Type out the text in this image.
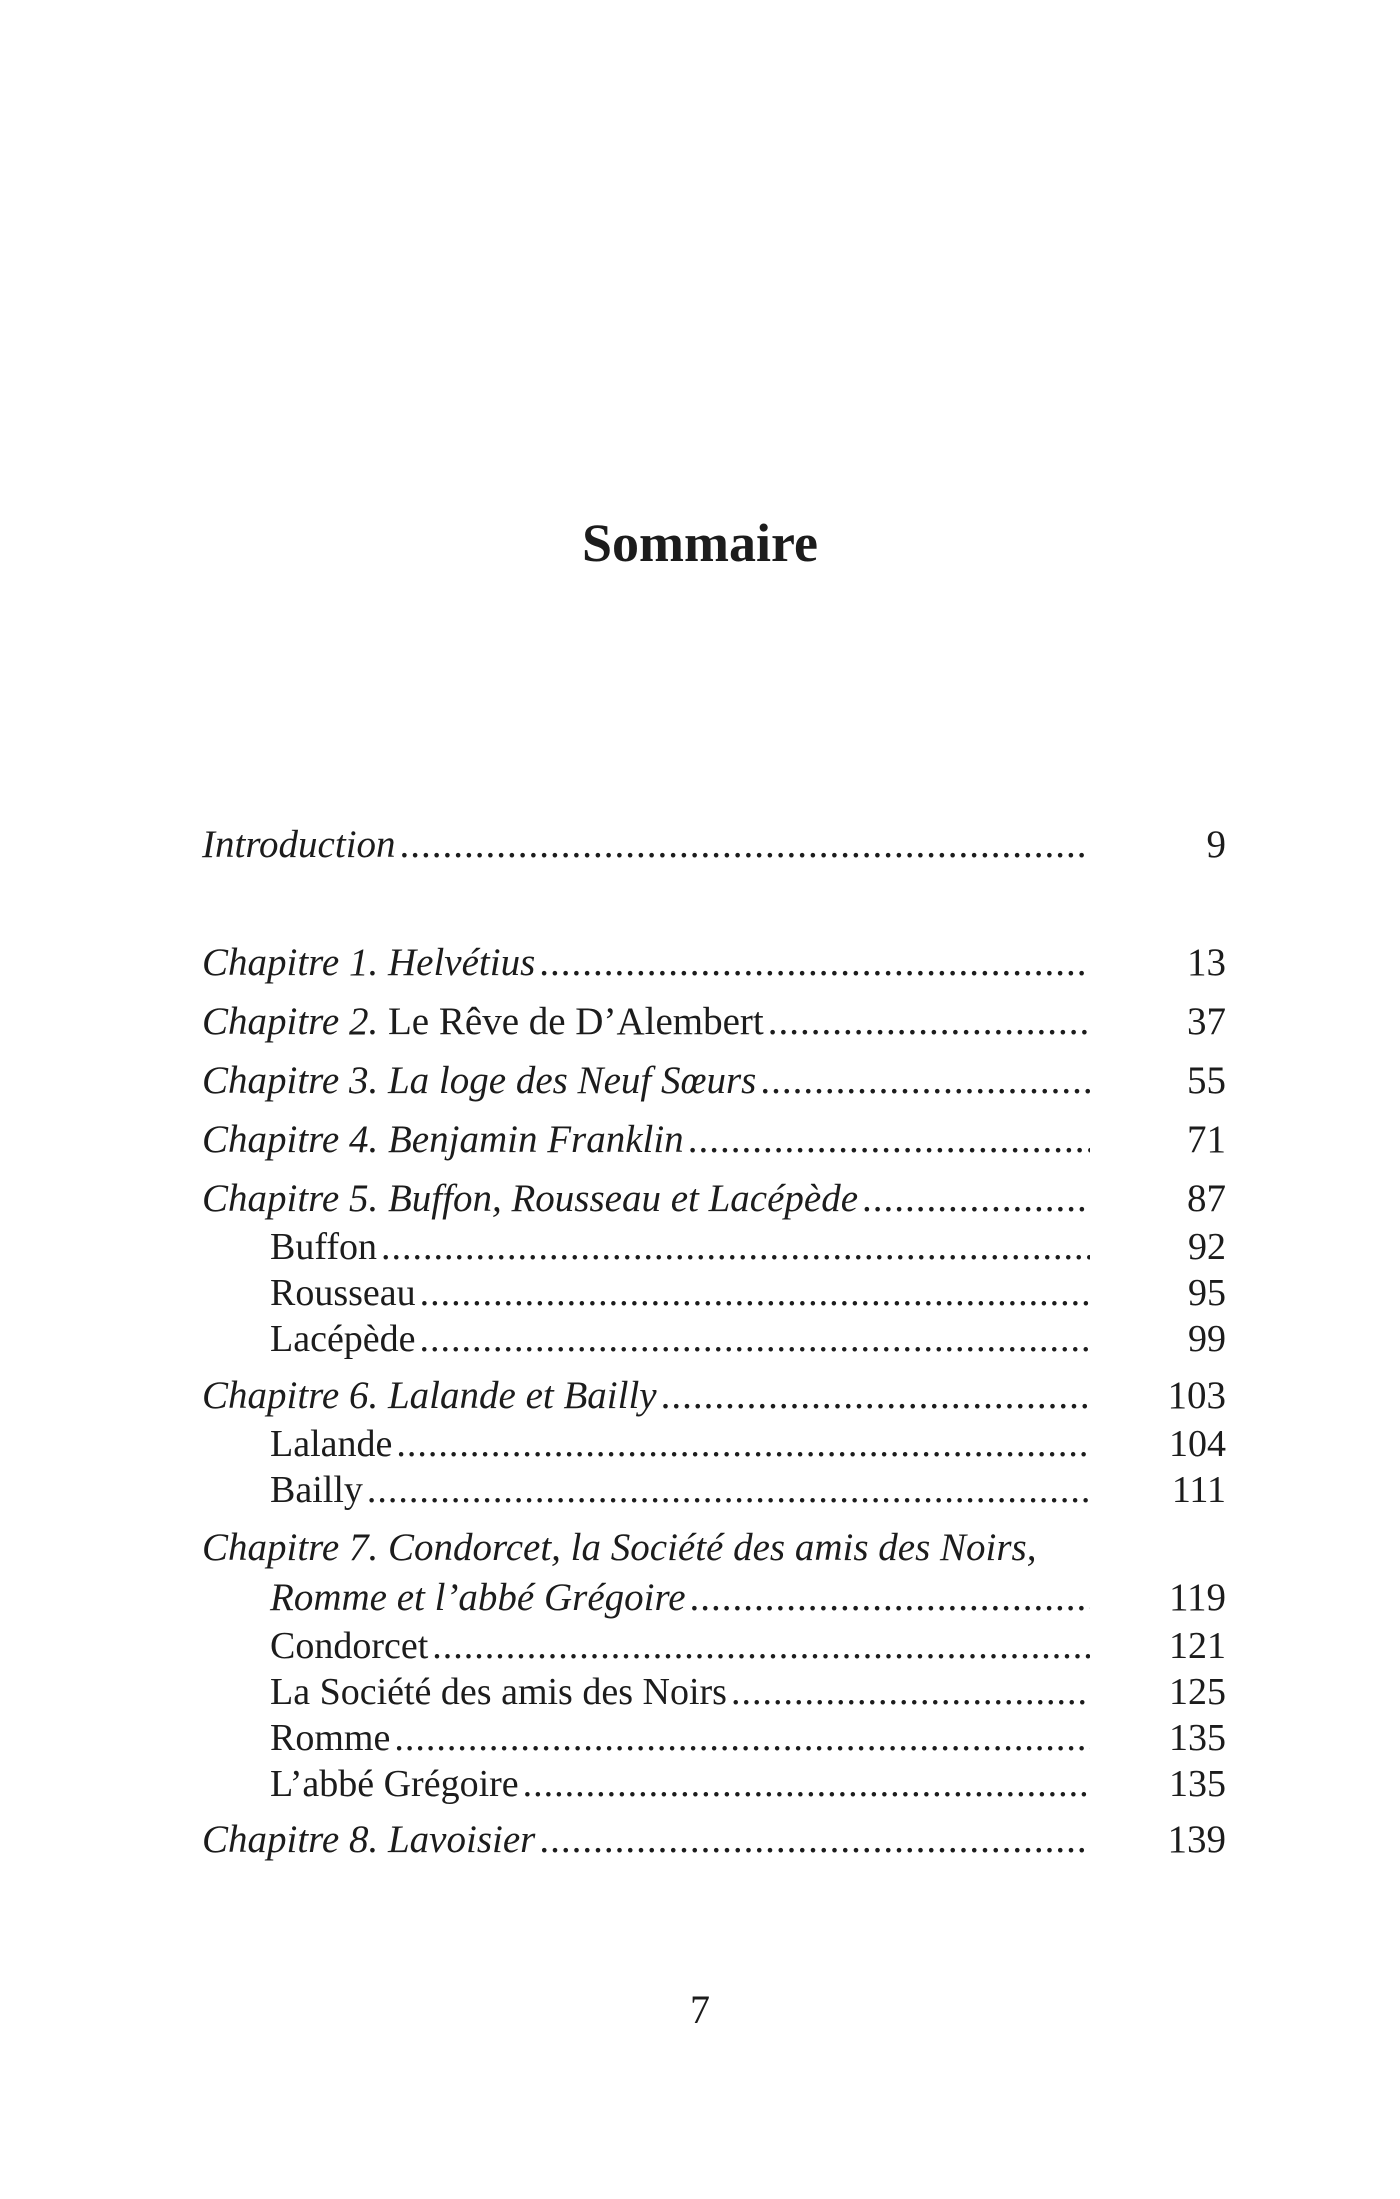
Sommaire
Introduction .....	9
Chapitre 1. Helvétius .....	13
Chapitre 2. Le Rêve de D’Alembert .....	37
Chapitre 3. La loge des Neuf Sœurs .....	55
Chapitre 4. Benjamin Franklin .....	71
Chapitre 5. Buffon, Rousseau et Lacépède .....	87
Buffon .....	92
Rousseau .....	95
Lacépède .....	99
Chapitre 6. Lalande et Bailly .....	103
Lalande .....	104
Bailly .....	111
Chapitre 7. Condorcet, la Société des amis des Noirs,
Romme et l’abbé Grégoire .....	119
Condorcet .....	121
La Société des amis des Noirs .....	125
Romme .....	135
L’abbé Grégoire .....	135
Chapitre 8. Lavoisier .....	139
7
